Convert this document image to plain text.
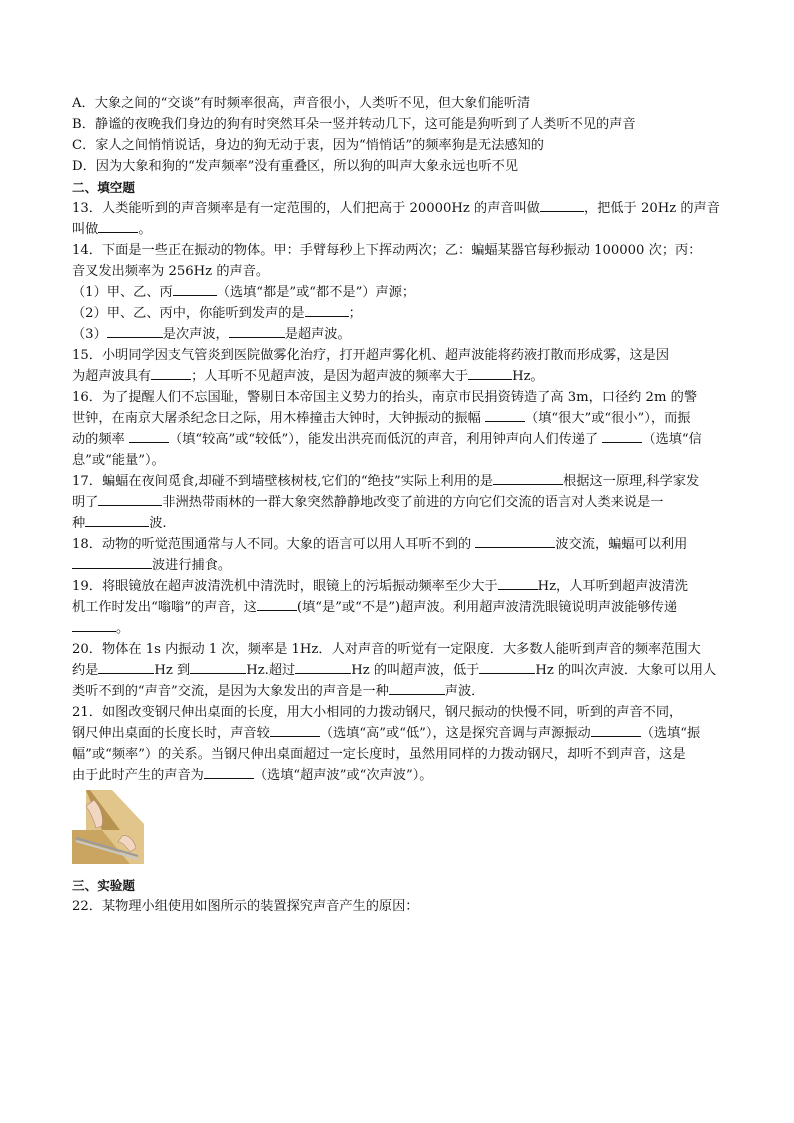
A．大象之间的“交谈”有时频率很高，声音很小，人类听不见，但大象们能听清
B．静谧的夜晚我们身边的狗有时突然耳朵一竖并转动几下，这可能是狗听到了人类听不见的声音
C．家人之间悄悄说话，身边的狗无动于衷，因为“悄悄话”的频率狗是无法感知的
D．因为大象和狗的“发声频率”没有重叠区，所以狗的叫声大象永远也听不见
二、填空题
13．人类能听到的声音频率是有一定范围的，人们把高于 20000Hz 的声音叫做	，把低于 20Hz 的声音
叫做	。
14．下面是一些正在振动的物体。甲：手臂每秒上下挥动两次；乙：蝙蝠某器官每秒振动 100000 次；丙：
音叉发出频率为 256Hz 的声音。
（1）甲、乙、丙	（选填“都是”或“都不是”）声源；
（2）甲、乙、丙中，你能听到发声的是	；
（3）	是次声波，	是超声波。
15．小明同学因支气管炎到医院做雾化治疗，打开超声雾化机、超声波能将药液打散而形成雾，这是因
为超声波具有	；人耳听不见超声波，是因为超声波的频率大于	Hz。
16．为了提醒人们不忘国耻，警剔日本帝国主义势力的抬头，南京市民捐资铸造了高 3m，口径约 2m 的警
世钟，在南京大屠杀纪念日之际，用木棒撞击大钟时，大钟振动的振幅	（填“很大”或“很小”），而振
动的频率	（填“较高”或“较低”），能发出洪亮而低沉的声音，利用钟声向人们传递了	（选填“信
息”或“能量”）。
17．蝙蝠在夜间觅食,却碰不到墙壁核树枝,它们的“绝技”实际上利用的是	根据这一原理,科学家发
明了	非洲热带雨林的一群大象突然静静地改变了前进的方向它们交流的语言对人类来说是一
种	波.
18．动物的听觉范围通常与人不同。大象的语言可以用人耳听不到的	波交流，蝙蝠可以利用
波进行捕食。
19．将眼镜放在超声波清洗机中清洗时，眼镜上的污垢振动频率至少大于	Hz，人耳听到超声波清洗
机工作时发出“嗡嗡”的声音，这	(填“是”或“不是”)超声波。利用超声波清洗眼镜说明声波能够传递
。
20．物体在 1s 内振动 1 次，频率是 1Hz．人对声音的听觉有一定限度．大多数人能听到声音的频率范围大
约是	Hz 到	Hz.超过	Hz 的叫超声波，低于	Hz 的叫次声波．大象可以用人
类听不到的“声音”交流，是因为大象发出的声音是一种	声波．
21．如图改变钢尺伸出桌面的长度，用大小相同的力拨动钢尺，钢尺振动的快慢不同，听到的声音不同，
钢尺伸出桌面的长度长时，声音较	（选填“高”或“低”），这是探究音调与声源振动	（选填“振
幅”或“频率”）的关系。当钢尺伸出桌面超过一定长度时，虽然用同样的力拨动钢尺，却听不到声音，这是
由于此时产生的声音为	（选填“超声波”或“次声波”）。
三、实验题
22．某物理小组使用如图所示的装置探究声音产生的原因：
